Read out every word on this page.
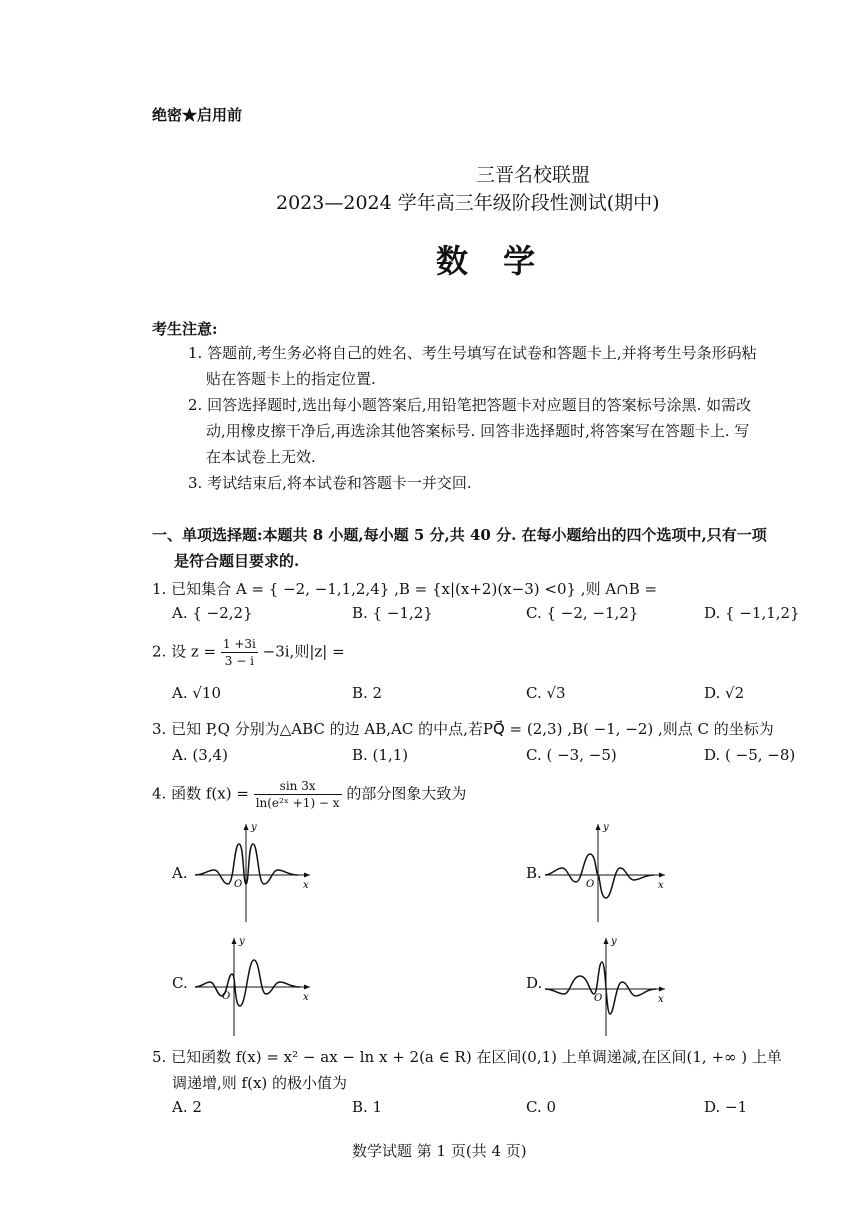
绝密★启用前
三晋名校联盟
2023—2024 学年高三年级阶段性测试(期中)
数 学
考生注意:
1. 答题前,考生务必将自己的姓名、考生号填写在试卷和答题卡上,并将考生号条形码粘
贴在答题卡上的指定位置.
2. 回答选择题时,选出每小题答案后,用铅笔把答题卡对应题目的答案标号涂黑. 如需改
动,用橡皮擦干净后,再选涂其他答案标号. 回答非选择题时,将答案写在答题卡上. 写
在本试卷上无效.
3. 考试结束后,将本试卷和答题卡一并交回.
一、单项选择题:本题共 8 小题,每小题 5 分,共 40 分. 在每小题给出的四个选项中,只有一项
是符合题目要求的.
1. 已知集合 A = { −2, −1,1,2,4} ,B = {x|(x+2)(x−3) <0} ,则 A∩B =
A. { −2,2}	B. { −1,2}	C. { −2, −1,2}	D. { −1,1,2}
2. 设 $z = \frac{1 +3i}{3 - i} -3i$,则|z| =
A. √10	B. 2	C. √3	D. √2
3. 已知 P,Q 分别为△ABC 的边 AB,AC 的中点,若PQ⃗ = (2,3) ,B( −1, −2) ,则点 C 的坐标为
A. (3,4)	B. (1,1)	C. ( −3, −5)	D. ( −5, −8)
4. 函数 $f(x) = \frac{\sin 3x}{\text{ln(e²ˣ +1) − x}}$ 的部分图象大致为
A.	B.
C.	D.
y
x
O
y
x
O
y
x
O
y
x
O
5. 已知函数 f(x) = x² − ax − ln x + 2(a ∈ R) 在区间(0,1) 上单调递减,在区间(1, +∞ ) 上单
调递增,则 f(x) 的极小值为
A. 2	B. 1	C. 0	D. −1
数学试题 第 1 页(共 4 页)
